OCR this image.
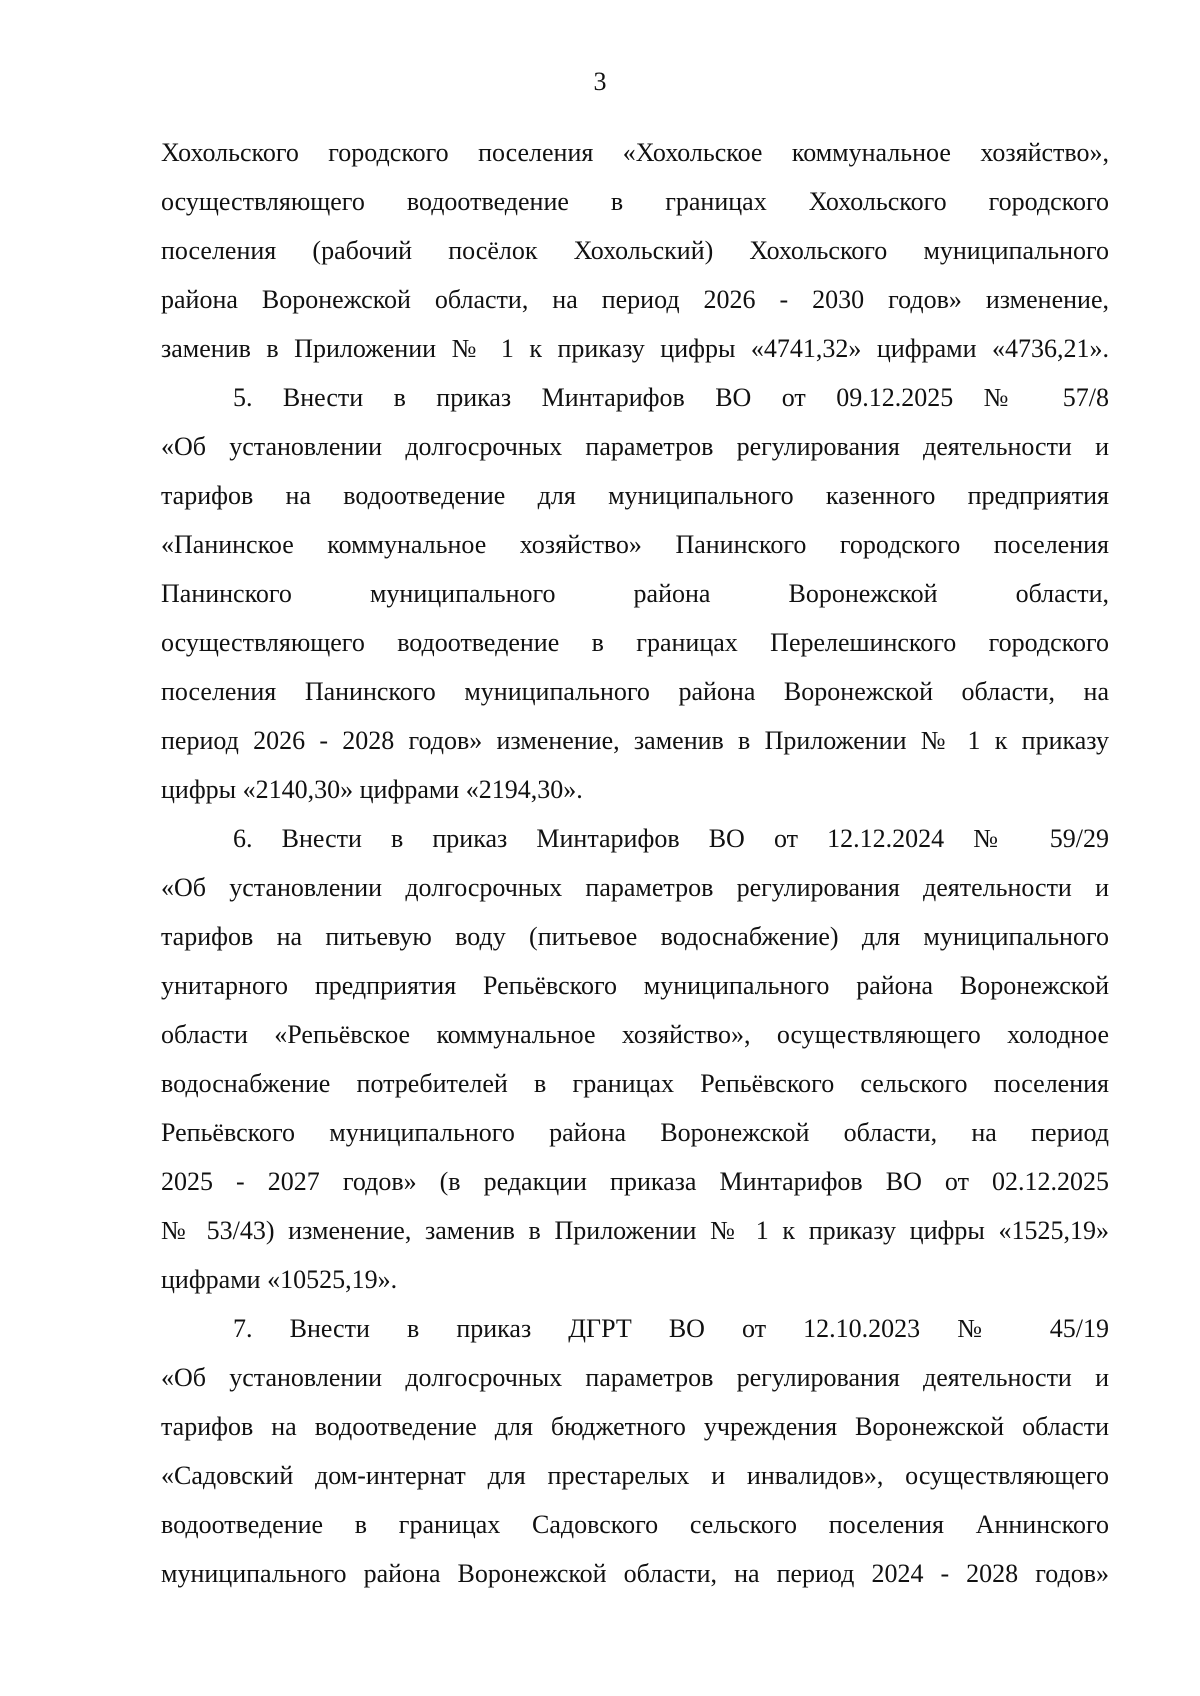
3
Хохольского городского поселения «Хохольское коммунальное хозяйство»,
осуществляющего водоотведение в границах Хохольского городского
поселения (рабочий посёлок Хохольский) Хохольского муниципального
района Воронежской области, на период 2026 - 2030 годов» изменение,
заменив в Приложении № 1 к приказу цифры «4741,32» цифрами «4736,21».
5. Внести в приказ Минтарифов ВО от 09.12.2025 № 57/8
«Об установлении долгосрочных параметров регулирования деятельности и
тарифов на водоотведение для муниципального казенного предприятия
«Панинское коммунальное хозяйство» Панинского городского поселения
Панинского муниципального района Воронежской области,
осуществляющего водоотведение в границах Перелешинского городского
поселения Панинского муниципального района Воронежской области, на
период 2026 - 2028 годов» изменение, заменив в Приложении № 1 к приказу
цифры «2140,30» цифрами «2194,30».
6. Внести в приказ Минтарифов ВО от 12.12.2024 № 59/29
«Об установлении долгосрочных параметров регулирования деятельности и
тарифов на питьевую воду (питьевое водоснабжение) для муниципального
унитарного предприятия Репьёвского муниципального района Воронежской
области «Репьёвское коммунальное хозяйство», осуществляющего холодное
водоснабжение потребителей в границах Репьёвского сельского поселения
Репьёвского муниципального района Воронежской области, на период
2025 - 2027 годов» (в редакции приказа Минтарифов ВО от 02.12.2025
№ 53/43) изменение, заменив в Приложении № 1 к приказу цифры «1525,19»
цифрами «10525,19».
7. Внести в приказ ДГРТ ВО от 12.10.2023 № 45/19
«Об установлении долгосрочных параметров регулирования деятельности и
тарифов на водоотведение для бюджетного учреждения Воронежской области
«Садовский дом-интернат для престарелых и инвалидов», осуществляющего
водоотведение в границах Садовского сельского поселения Аннинского
муниципального района Воронежской области, на период 2024 - 2028 годов»
